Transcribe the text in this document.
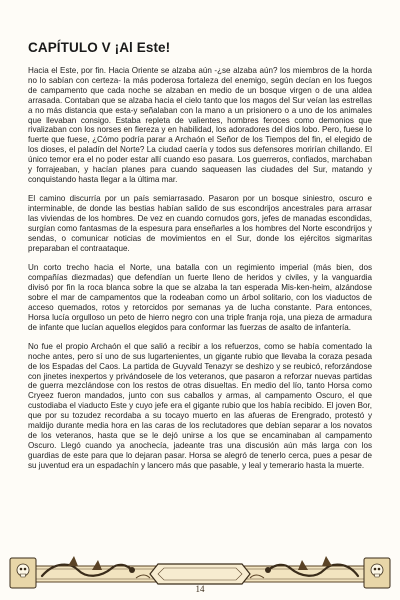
CAPÍTULO V ¡Al Este!

Hacia el Este, por fin. Hacia Oriente se alzaba aún -¿se alzaba aún? los miembros de la horda no lo sabían con certeza- la más poderosa fortaleza del enemigo, según decían en los fuegos de campamento que cada noche se alzaban en medio de un bosque virgen o de una aldea arrasada. Contaban que se alzaba hacia el cielo tanto que los magos del Sur veían las estrellas a no más distancia que esta-y señalaban con la mano a un prisionero o a uno de los animales que llevaban consigo. Estaba repleta de valientes, hombres feroces como demonios que rivalizaban con los norses en fiereza y en habilidad, los adoradores del dios lobo. Pero, fuese lo fuerte que fuese, ¿Cómo podría parar a Archaón el Señor de los Tiempos del fin, el elegido de los dioses, el paladín del Norte? La ciudad caería y todos sus defensores morirían chillando. El único temor era el no poder estar allí cuando eso pasara. Los guerreros, confiados, marchaban y forrajeaban, y hacían planes para cuando saqueasen las ciudades del Sur, matando y conquistando hasta llegar a la última mar.

El camino discurría por un país semiarrasado. Pasaron por un bosque siniestro, oscuro e interminable, de donde las bestias habían salido de sus escondrijos ancestrales para arrasar las viviendas de los hombres. De vez en cuando cornudos gors, jefes de manadas escondidas, surgían como fantasmas de la espesura para enseñarles a los hombres del Norte escondrijos y sendas, o comunicar noticias de movimientos en el Sur, donde los ejércitos sigmaritas preparaban el contraataque.

Un corto trecho hacia el Norte, una batalla con un regimiento imperial (más bien, dos compañías diezmadas) que defendían un fuerte lleno de heridos y civiles, y la vanguardia divisó por fin la roca blanca sobre la que se alzaba la tan esperada Mis-ken-heim, alzándose sobre el mar de campamentos que la rodeaban como un árbol solitario, con los viaductos de acceso quemados, rotos y retorcidos por semanas ya de lucha constante. Para entonces, Horsa lucía orgulloso un peto de hierro negro con una triple franja roja, una pieza de armadura de infante que lucían aquellos elegidos para conformar las fuerzas de asalto de infantería.

No fue el propio Archaón el que salió a recibir a los refuerzos, como se había comentado la noche antes, pero sí uno de sus lugartenientes, un gigante rubio que llevaba la coraza pesada de los Espadas del Caos. La partida de Guyvald Tenazyr se deshizo y se reubicó, reforzándose con jinetes inexpertos y privándosele de los veteranos, que pasaron a reforzar nuevas partidas de guerra mezclándose con los restos de otras disueltas. En medio del lío, tanto Horsa como Cryeez fueron mandados, junto con sus caballos y armas, al campamento Oscuro, el que custodiaba el viaducto Este y cuyo jefe era el gigante rubio que los había recibido. El joven Bor, que por su tozudez recordaba a su tocayo muerto en las afueras de Erengrado, protestó y maldijo durante media hora en las caras de los reclutadores que debían separar a los novatos de los veteranos, hasta que se le dejó unirse a los que se encaminaban al campamento Oscuro. Llegó cuando ya anochecía, jadeante tras una discusión aún más larga con los guardias de este para que lo dejaran pasar. Horsa se alegró de tenerlo cerca, pues a pesar de su juventud era un espadachín y lancero más que pasable, y leal y temerario hasta la muerte.

14
